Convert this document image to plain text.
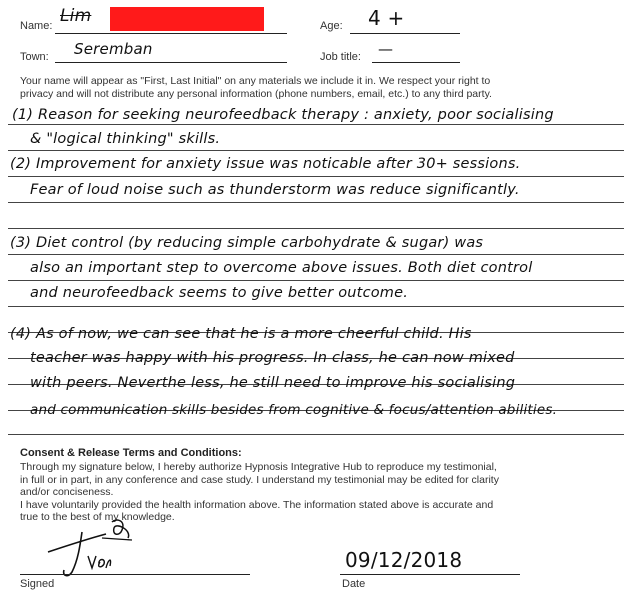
Name: Lim	Age: 4 +
Town: Seremban	Job title: —
Your name will appear as "First, Last Initial" on any materials we include it in. We respect your right to
privacy and will not distribute any personal information (phone numbers, email, etc.) to any third party.
(1) Reason for seeking neurofeedback therapy : anxiety, poor socialising
& "logical thinking" skills.
(2) Improvement for anxiety issue was noticable after 30+ sessions.
Fear of loud noise such as thunderstorm was reduce significantly.
(3) Diet control (by reducing simple carbohydrate & sugar) was
also an important step to overcome above issues. Both diet control
and neurofeedback seems to give better outcome.
(4) As of now, we can see that he is a more cheerful child. His
teacher was happy with his progress. In class, he can now mixed
with peers. Neverthe less, he still need to improve his socialising
and communication skills besides from cognitive & focus/attention abilities.
Consent & Release Terms and Conditions:
Through my signature below, I hereby authorize Hypnosis Integrative Hub to reproduce my testimonial,
in full or in part, in any conference and case study. I understand my testimonial may be edited for clarity
and/or conciseness.
I have voluntarily provided the health information above. The information stated above is accurate and
true to the best of my knowledge.
Signed
09/12/2018
Date
